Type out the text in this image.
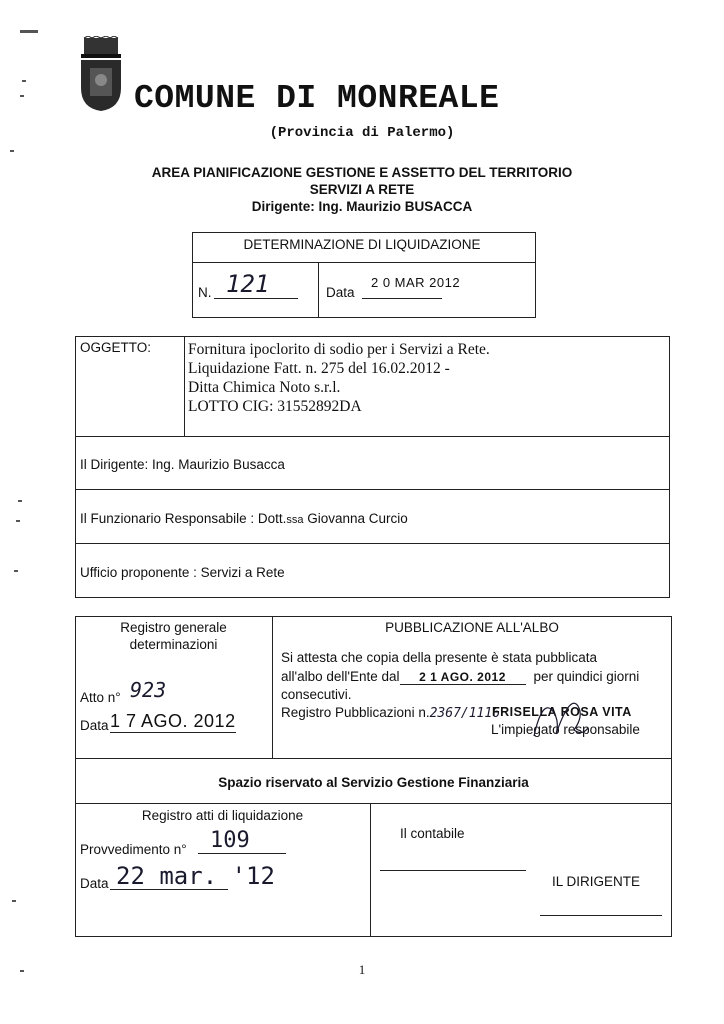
COMUNE DI MONREALE
(Provincia di Palermo)
AREA PIANIFICAZIONE GESTIONE E ASSETTO DEL TERRITORIO
SERVIZI A RETE
Dirigente: Ing. Maurizio BUSACCA
DETERMINAZIONE DI LIQUIDAZIONE
N. 121	Data
2 0 MAR 2012
OGGETTO: Fornitura ipoclorito di sodio per i Servizi a Rete.
Liquidazione Fatt. n. 275 del 16.02.2012 -
Ditta Chimica Noto s.r.l.
LOTTO CIG: 31552892DA
Il Dirigente: Ing. Maurizio Busacca
Il Funzionario Responsabile : Dott.ssa Giovanna Curcio
Ufficio proponente : Servizi a Rete
Registro generale
determinazioni
Atto n° 923
Data 1 7 AGO. 2012
PUBBLICAZIONE ALL'ALBO
Si attesta che copia della presente è stata pubblicata
all'albo dell'Ente dal 2 1 AGO. 2012 per quindici giorni
consecutivi.
Registro Pubblicazioni n.2367/1116
FRISELLA ROSA VITA
L'impiegato responsabile
Spazio riservato al Servizio Gestione Finanziaria
Registro atti di liquidazione
Provvedimento n° 109
Data 22 mar. '12
Il contabile
IL DIRIGENTE
1
